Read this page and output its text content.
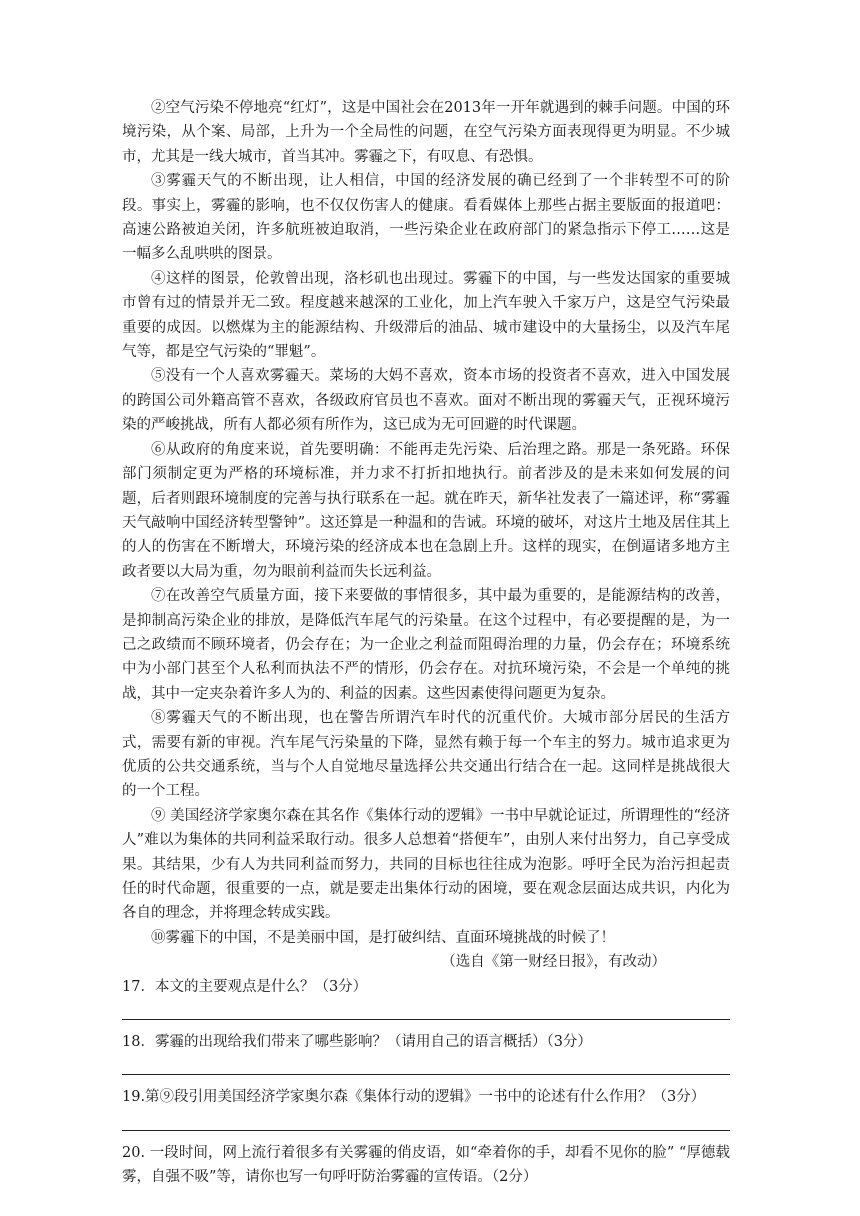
②空气污染不停地亮“红灯”，这是中国社会在2013年一开年就遇到的棘手问题。中国的环境污染，从个案、局部，上升为一个全局性的问题，在空气污染方面表现得更为明显。不少城市，尤其是一线大城市，首当其冲。雾霾之下，有叹息、有恐惧。

③雾霾天气的不断出现，让人相信，中国的经济发展的确已经到了一个非转型不可的阶段。事实上，雾霾的影响，也不仅仅伤害人的健康。看看媒体上那些占据主要版面的报道吧：高速公路被迫关闭，许多航班被迫取消，一些污染企业在政府部门的紧急指示下停工……这是一幅多么乱哄哄的图景。

④这样的图景，伦敦曾出现，洛杉矶也出现过。雾霾下的中国，与一些发达国家的重要城市曾有过的情景并无二致。程度越来越深的工业化，加上汽车驶入千家万户，这是空气污染最重要的成因。以燃煤为主的能源结构、升级滞后的油品、城市建设中的大量扬尘，以及汽车尾气等，都是空气污染的“罪魁”。

⑤没有一个人喜欢雾霾天。菜场的大妈不喜欢，资本市场的投资者不喜欢，进入中国发展的跨国公司外籍高管不喜欢，各级政府官员也不喜欢。面对不断出现的雾霾天气，正视环境污染的严峻挑战，所有人都必须有所作为，这已成为无可回避的时代课题。

⑥从政府的角度来说，首先要明确：不能再走先污染、后治理之路。那是一条死路。环保部门须制定更为严格的环境标准，并力求不打折扣地执行。前者涉及的是未来如何发展的问题，后者则跟环境制度的完善与执行联系在一起。就在昨天，新华社发表了一篇述评，称“雾霾天气敲响中国经济转型警钟”。这还算是一种温和的告诫。环境的破坏，对这片土地及居住其上的人的伤害在不断增大，环境污染的经济成本也在急剧上升。这样的现实，在倒逼诸多地方主政者要以大局为重，勿为眼前利益而失长远利益。

⑦在改善空气质量方面，接下来要做的事情很多，其中最为重要的，是能源结构的改善，是抑制高污染企业的排放，是降低汽车尾气的污染量。在这个过程中，有必要提醒的是，为一己之政绩而不顾环境者，仍会存在；为一企业之利益而阻碍治理的力量，仍会存在；环境系统中为小部门甚至个人私利而执法不严的情形，仍会存在。对抗环境污染，不会是一个单纯的挑战，其中一定夹杂着许多人为的、利益的因素。这些因素使得问题更为复杂。

⑧雾霾天气的不断出现，也在警告所谓汽车时代的沉重代价。大城市部分居民的生活方式，需要有新的审视。汽车尾气污染量的下降，显然有赖于每一个车主的努力。城市追求更为优质的公共交通系统，当与个人自觉地尽量选择公共交通出行结合在一起。这同样是挑战很大的一个工程。

⑨ 美国经济学家奥尔森在其名作《集体行动的逻辑》一书中早就论证过，所谓理性的“经济人”难以为集体的共同利益采取行动。很多人总想着“搭便车”，由别人来付出努力，自己享受成果。其结果，少有人为共同利益而努力，共同的目标也往往成为泡影。呼吁全民为治污担起责任的时代命题，很重要的一点，就是要走出集体行动的困境，要在观念层面达成共识，内化为各自的理念，并将理念转成实践。

⑩雾霾下的中国，不是美丽中国，是打破纠结、直面环境挑战的时候了！

（选自《第一财经日报》，有改动）

17．本文的主要观点是什么？（3分）

18．雾霾的出现给我们带来了哪些影响？（请用自己的语言概括）（3分）

19.第⑨段引用美国经济学家奥尔森《集体行动的逻辑》一书中的论述有什么作用？（3分）

20. 一段时间，网上流行着很多有关雾霾的俏皮语，如“牵着你的手，却看不见你的脸” “厚德载雾，自强不吸”等，请你也写一句呼吁防治雾霾的宣传语。（2分）
